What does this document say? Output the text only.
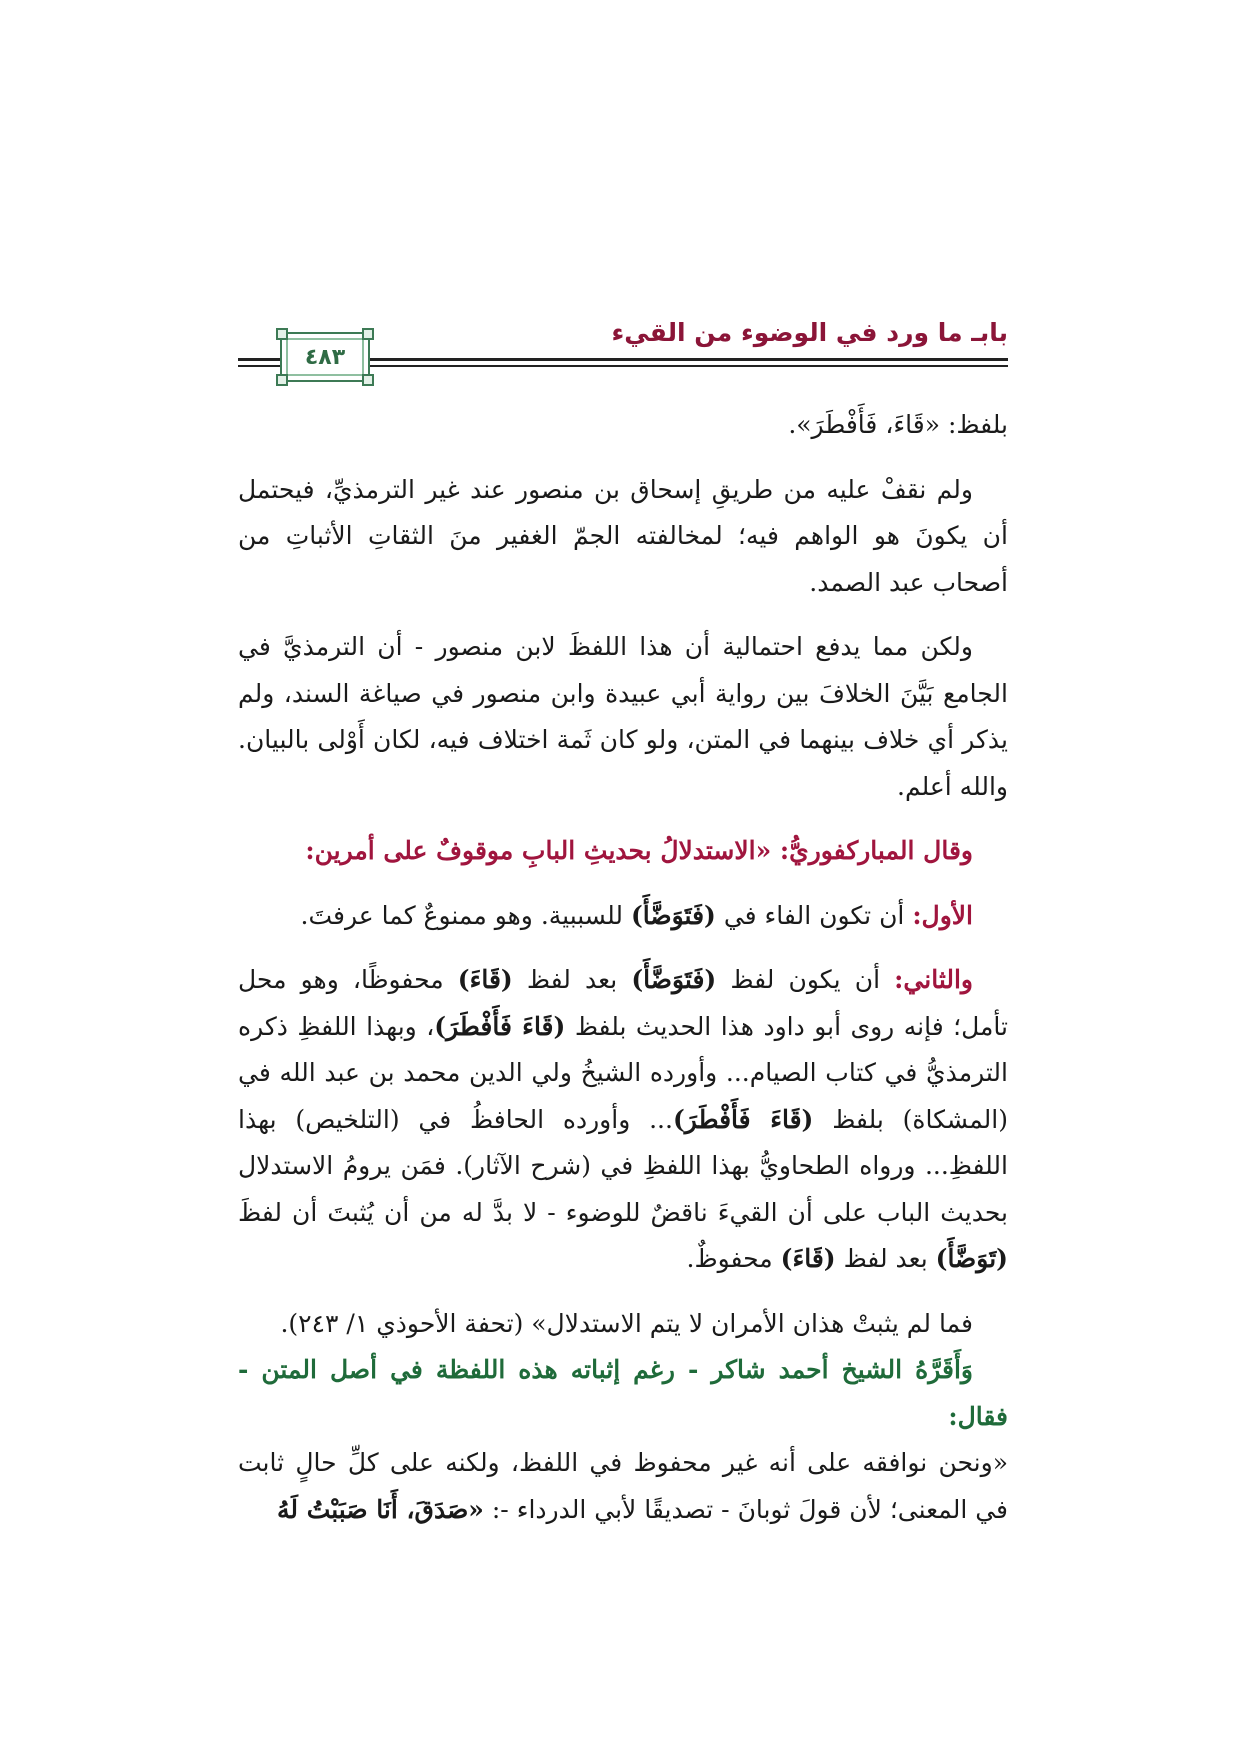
بابـ ما ورد في الوضوء من القيء
٤٨٣

بلفظ: «قَاءَ، فَأَفْطَرَ».

ولم نقفْ عليه من طريقِ إسحاق بن منصور عند غير الترمذيِّ، فيحتمل أن يكونَ هو الواهم فيه؛ لمخالفته الجمّ الغفير منَ الثقاتِ الأثباتِ من أصحاب عبد الصمد.

ولكن مما يدفع احتمالية أن هذا اللفظَ لابن منصور - أن الترمذيَّ في الجامع بَيَّنَ الخلافَ بين رواية أبي عبيدة وابن منصور في صياغة السند، ولم يذكر أي خلاف بينهما في المتن، ولو كان ثَمة اختلاف فيه، لكان أَوْلى بالبيان. والله أعلم.

وقال المباركفوريُّ: «الاستدلالُ بحديثِ البابِ موقوفٌ على أمرين:

الأول: أن تكون الفاء في (فَتَوَضَّأَ) للسببية. وهو ممنوعٌ كما عرفتَ.

والثاني: أن يكون لفظ (فَتَوَضَّأَ) بعد لفظ (قَاءَ) محفوظًا، وهو محل تأمل؛ فإنه روى أبو داود هذا الحديث بلفظ (قَاءَ فَأَفْطَرَ)، وبهذا اللفظِ ذكره الترمذيُّ في كتاب الصيام... وأورده الشيخُ ولي الدين محمد بن عبد الله في (المشكاة) بلفظ (قَاءَ فَأَفْطَرَ)... وأورده الحافظُ في (التلخيص) بهذا اللفظِ... ورواه الطحاويُّ بهذا اللفظِ في (شرح الآثار). فمَن يرومُ الاستدلال بحديث الباب على أن القيءَ ناقضٌ للوضوء - لا بدَّ له من أن يُثبتَ أن لفظَ (تَوَضَّأَ) بعد لفظ (قَاءَ) محفوظٌ.

فما لم يثبتْ هذان الأمران لا يتم الاستدلال» (تحفة الأحوذي ١/ ٢٤٣).

وَأَقَرَّهُ الشيخ أحمد شاكر - رغم إثباته هذه اللفظة في أصل المتن - فقال:

«ونحن نوافقه على أنه غير محفوظ في اللفظ، ولكنه على كلِّ حالٍ ثابت في المعنى؛ لأن قولَ ثوبانَ - تصديقًا لأبي الدرداء -: «صَدَقَ، أَنَا صَبَبْتُ لَهُ
